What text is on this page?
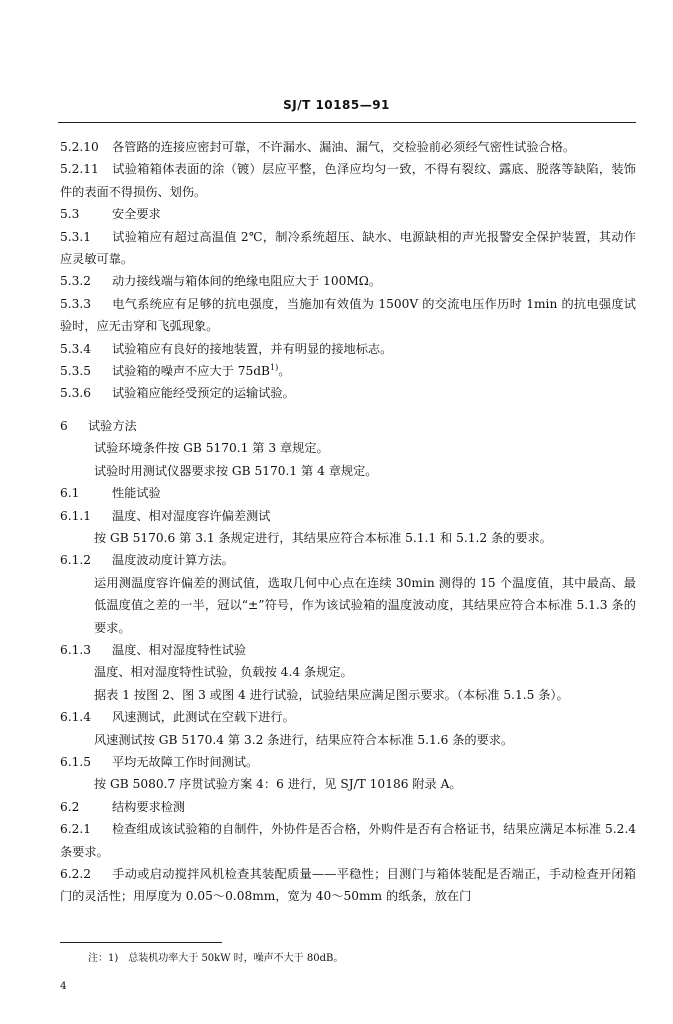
SJ/T 10185—91

5.2.10 各管路的连接应密封可靠，不许漏水、漏油、漏气，交检验前必须经气密性试验合格。

5.2.11 试验箱箱体表面的涂（镀）层应平整，色泽应均匀一致，不得有裂纹、露底、脱落等缺陷，装饰件的表面不得损伤、划伤。

5.3	安全要求

5.3.1 试验箱应有超过高温值 2℃，制冷系统超压、缺水、电源缺相的声光报警安全保护装置，其动作应灵敏可靠。

5.3.2 动力接线端与箱体间的绝缘电阻应大于 100MΩ。

5.3.3 电气系统应有足够的抗电强度，当施加有效值为 1500V 的交流电压作历时 1min 的抗电强度试验时，应无击穿和飞弧现象。

5.3.4 试验箱应有良好的接地装置，并有明显的接地标志。

5.3.5 试验箱的噪声不应大于 $75dB^{1)}$。

5.3.6 试验箱应能经受预定的运输试验。

6 试验方法

试验环境条件按 GB 5170.1 第 3 章规定。

试验时用测试仪器要求按 GB 5170.1 第 4 章规定。

6.1	性能试验

6.1.1 温度、相对湿度容许偏差测试

按 GB 5170.6 第 3.1 条规定进行，其结果应符合本标准 5.1.1 和 5.1.2 条的要求。

6.1.2 温度波动度计算方法。

运用测温度容许偏差的测试值，选取几何中心点在连续 30min 测得的 15 个温度值，其中最高、最低温度值之差的一半，冠以“±”符号，作为该试验箱的温度波动度，其结果应符合本标准 5.1.3 条的要求。

6.1.3 温度、相对湿度特性试验

温度、相对湿度特性试验，负载按 4.4 条规定。

据表 1 按图 2、图 3 或图 4 进行试验，试验结果应满足图示要求。（本标准 5.1.5 条）。

6.1.4 风速测试，此测试在空载下进行。

风速测试按 GB 5170.4 第 3.2 条进行，结果应符合本标准 5.1.6 条的要求。

6.1.5 平均无故障工作时间测试。

按 GB 5080.7 序贯试验方案 4：6 进行，见 SJ/T 10186 附录 A。

6.2	结构要求检测

6.2.1 检查组成该试验箱的自制件，外协件是否合格，外购件是否有合格证书，结果应满足本标准 5.2.4 条要求。

6.2.2 手动或启动搅拌风机检查其装配质量——平稳性；目测门与箱体装配是否端正，手动检查开闭箱门的灵活性；用厚度为 0.05～0.08mm，宽为 40～50mm 的纸条，放在门

注：1)　总装机功率大于 50kW 时，噪声不大于 80dB。
4
